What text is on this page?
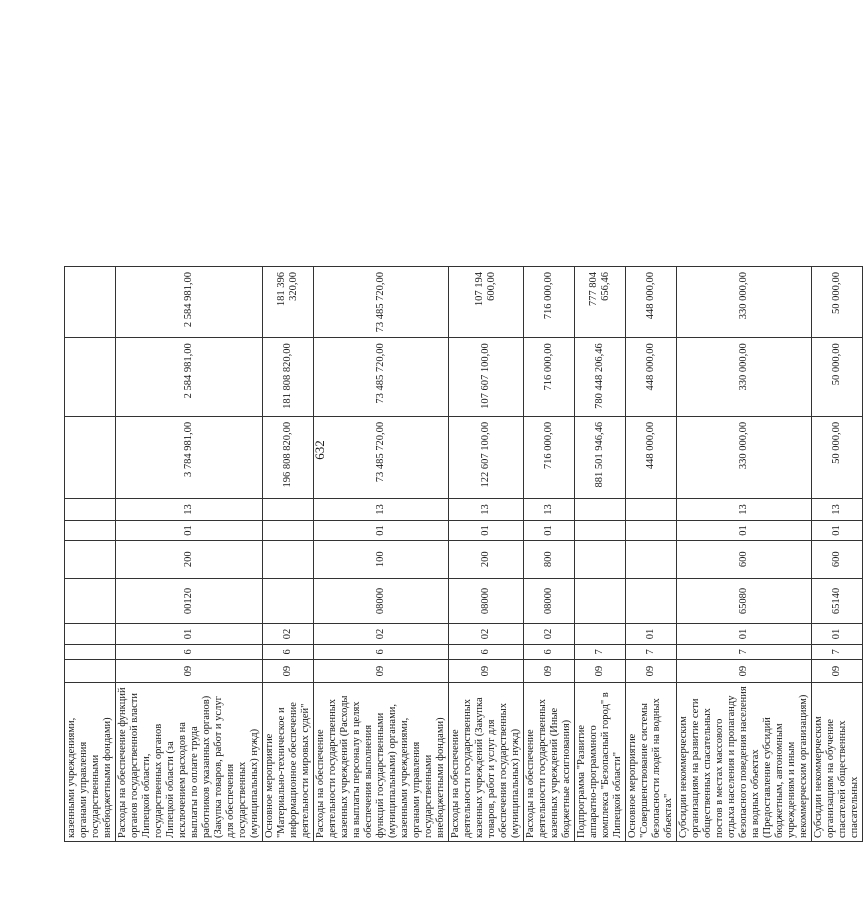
632
казенными учреждениями, органами управления государственными внебюджетными фондами)										
Расходы на обеспечение функций органов государственной власти Липецкой области, государственных органов Липецкой области (за исключением расходов на выплаты по оплате труда работников указанных органов) (Закупка товаров, работ и услуг для обеспечения государственных (муниципальных) нужд)	09	6	01	00120	200	01	13	3 784 981,00	2 584 981,00	2 584 981,00
Основное мероприятие "Материально-техническое и информационное обеспечение деятельности мировых судей"	09	6	02					196 808 820,00	181 808 820,00	181 396 320,00
Расходы на обеспечение деятельности государственных казенных учреждений (Расходы на выплаты персоналу в целях обеспечения выполнения функций государственными (муниципальными) органами, казенными учреждениями, органами управления государственными внебюджетными фондами)	09	6	02	08000	100	01	13	73 485 720,00	73 485 720,00	73 485 720,00
Расходы на обеспечение деятельности государственных казенных учреждений (Закупка товаров, работ и услуг для обеспечения государственных (муниципальных) нужд)	09	6	02	08000	200	01	13	122 607 100,00	107 607 100,00	107 194 600,00
Расходы на обеспечение деятельности государственных казенных учреждений (Иные бюджетные ассигнования)	09	6	02	08000	800	01	13	716 000,00	716 000,00	716 000,00
Подпрограмма "Развитие аппаратно-программного комплекса "Безопасный город" в Липецкой области"	09	7						881 501 946,46	780 448 206,46	777 804 656,46
Основное мероприятие "Совершенствование системы безопасности людей на водных объектах"	09	7	01					448 000,00	448 000,00	448 000,00
Субсидии некоммерческим организациям на развитие сети общественных спасательных постов в местах массового отдыха населения и пропаганду безопасного поведения населения на водных объектах (Предоставление субсидий бюджетным, автономным учреждениям и иным некоммерческим организациям)	09	7	01	65080	600	01	13	330 000,00	330 000,00	330 000,00
Субсидии некоммерческим организациям на обучение спасателей общественных спасательных	09	7	01	65140	600	01	13	50 000,00	50 000,00	50 000,00
